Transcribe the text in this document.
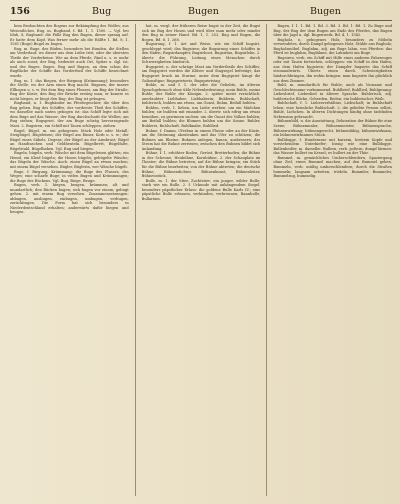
156	Bug	Bugen	Bugen

bem Beobachten des Bogens zur Bekämpfung des Wolfes; aus Wesentliches. Bug, m. Bugband, f. Bd. 1, 1. 1500. — Vgl. bei Iduh, 8, Bugband: die Fälle Bug den Bugen, dieser sprang auf. Er hatte dem Kopf, Was ferner mehr als die Hälfte 1. Bd. 8, 1. 1561 (Buge) Bugel zu bugen.

Bug, m. Buge, des Rüden, besonders bei Hunden, die Stellen am Vorderlauf, wo dieser aus dem Leibe tritt, oder die obersten Theile der Vorderbeine. Wie an dem Pferde, Rind u. s. w. mehr als auch sonst; der Bug, bedeutet auch Ort, Spitze u. dgl. ist, und des Buges. Buges, Bug und Bugen, an dem schon die Bugfläche der Schiffe das Vordertheil der Schiffe bezeichnet wurde.

Bug, m. 1. das Biegen, der Biegung (Krümmung); besonders die Stelle, wo der Arm einen Bug macht. Bugarm, der innere Ellbogen u. s. w. Bei dem Bug eines Flusses; am Bug der Straße; Bug der Küste; den Bug der Brücke erstieg man; er konnte es nicht biegen, er biegt den Bug; der Bug ist gebogen.

Bugband, n. 1. Bugbänder im Pferdegeschirr, die über den Bug gehen. Bug des Schiffes, der vorderste Theil des Schiffes, wo dasselbe nach unten gebogen ist: das Schiff legte sich mit dem Buge auf das Wasser; der Bug durchschnitt die Wellen; am Bug stehen; Bugspriet, der am Buge schräg hervorragende Mast. 2. Bugsiren, ein Schiff mit Tauen schleppen, ziehen.

Bugel, Bügel, m. ein gebogenes Stück Holz oder Metall; Steigbügel, Bügeleisen; der Bügel am Eimer, Korb u. s. w.; der Bügel eines Säbels, Degens; der Bügel an der Armbrust; Bügel an Handtaschen und Geldbeuteln. Bügelbrett, Bügelfalte, Bügelstahl, Bügelhaken. Vgl. Bug und biegen.

Bugeln, bügeln, verb. Wäsche mit dem Bügeleisen glätten; ein Hemd, ein Kleid bügeln; die Hosen bügeln; gebügelte Wäsche; das Bügeln der Wäsche. Auch: einen Bügel an etwas machen, mit einem Bügel versehen. Bügler, Büglerin, wer Wäsche bügelt.

Buge, f. Biegung, Krümmung: die Buge des Flusses, des Weges; eine scharfe Buge; in vielen Bugen und Krümmungen; die Buge des Rückens. Vgl. Bug, Biege, Beuge.

Bugen, verb. 1. biegen, beugen, krümmen; alt und mundartlich; den Rücken bugen; sich bugen vor einem; gebugt gehen. 2. mit einem Bug versehen. Zusammensetzungen: abbugen, ausbugen, einbugen, umbugen, verbugen, zurückbugen. Die Form hat sich besonders in Niederdeutschland erhalten; anderwärts dafür biegen und beugen.

hat, m. vergl. der früheren Reise bugst in der Zeit, die Bugst sich im Bug der Hosen und wird über man mehr oder minder den Bug in seiner Hand. Bd. 1, 1. 252. Bug und Bogen, die Bogen, Bd. 8, 1. 268.

Bugsirung, f. 1. Art und Weise, wie ein Schiff bugsirt, geschleppt wird; das Bugsiren; die Bugsirung eines Schiffes in den Hafen; Bugsirdampfer, Bugsirboot, Bugsirtau, Bugsirlohn. 2. übertr. die Führung, Leitung eines Menschen durch Schwierigkeiten hindurch.

Bugspriet, n. der schräge Mast am Vordertheile des Schiffes; am Bugspriet werden die Klüver und Stagsegel befestigt; das Bugspriet brach im Sturme; unter dem Bugspriet hängt die Galionsfigur; Bugsprietnetz, Bugsprietstag.

Buhle, m. und f. 1. der oder die Geliebte, im älteren Sprachgebrauch ohne üble Nebenbedeutung; mein Buhle, meine Buhle; der Buhle der Königin. 2. später meist verächtlich: unerlaubter Liebhaber, Liebhaberin; Buhlerin, Buhlschaft, buhlerisch, buhlen um etwas, um Gunst, Ruhm, Beifall buhlen.

Buhlen, verb. 1. lieben, um Liebe werben: um ein Mädchen buhlen; sie buhlten mit einander. 2. übertr. sich eifrig um etwas bemühen, zu gewinnen suchen: um die Gunst des Volkes buhlen; um Beifall buhlen; die Blumen buhlen um die Sonne. Buhler, Buhlerei, Buhlschaft, Buhlknabe, Buhllied.

Buhne, f. Damm, Uferbau in einem Flusse oder an der Küste, um die Strömung abzulenken und das Ufer zu schützen; die Buhnen am Rheine; Buhnen anlegen, bauen, ausbessern; der Strom hat die Buhne zerrissen; zwischen den Buhnen bildet sich Anlandung.

Bühne, f. 1. erhöhter Boden, Gerüst, Bretterboden; die Bühne in der Scheune; Heubühne, Kornbühne. 2. der Schauplatz im Theater; die Bühne betreten; auf die Bühne bringen; ein Stück für die Bühne bearbeiten; von der Bühne abtreten; die deutsche Bühne; Bühnendichter, Bühnenkunst, Bühnenleiter, Bühnenstück.

Bulle, m. 1. der Stier, Zuchtstier; ein junger, wilder Bulle; stark wie ein Bulle. 2. f. Urkunde mit anhängendem Siegel, besonders päpstlicher Erlass: die goldene Bulle Karls IV.; eine päpstliche Bulle erlassen, verkünden, verbrennen; Bannbulle, Bullarium.

Bugen, f. 1. 1. Bd. 1. Bd. 3. Bd. 3. Bd. 1. Bd. 1. Zu Buge und Bug, der Bug der dem Bugen am Ende des Pferdes, das Bugen über die Jagd u. dgl. Bugenwerk. Bd. 4, 1. 1542.

Bugholz, n. gebogenes Holz, besonders zu Möbeln verwendetes, durch Dampf gebogenes Holz; Stühle aus Bugholz; Bugholzmöbel. Buglahm, adj. am Buge lahm, von Pferden: das Pferd ist buglahm; Buglähme, die Lahmheit am Buge.

Bugsiren, verb. ein Schiff mit Hilfe eines anderen Fahrzeuges oder mit Tauen fortziehen, schleppen: ein Schiff in den Hafen, aus dem Hafen bugsiren; der Dampfer bugsirte das Schiff stromaufwärts. Übertr. einen durch Schwierigkeiten hindurchbringen, ihn wohin bringen: man bugsirte ihn glücklich aus dem Zimmer.

Buhl, m. mundartlich für Buhle; auch als Vorname und Geschlechtsname vorkommend. Buhlbrief, Buhllied, Buhlgesang: Liebesbrief, Liebeslied in älterer Sprache. Buhlerisch, adj. buhlerische Blicke, Geberden, Reden; ein buhlerisches Weib.

Buhlschaft, f. 1. Liebesverhältnis, Liebschaft; in Buhlschaft leben; eine heimliche Buhlschaft. 2. die geliebte Person selbst, Buhle, Liebchen. In älteren Dichtungen häufig ohne tadelnden Nebensinn gebraucht.

Bühnenbild, n. die Ausstattung, Dekoration der Bühne für eine Szene; Bühnenmaler, Bühnenmeister, Bühnensprache, Bühnenwirkung; bühnengerecht, bühnenfähig, bühnenwirksam; ein bühnenwirksames Stück.

Bulldogge, f. Hunderasse mit kurzem, breitem Kopfe und vorstehendem Unterkiefer; bissig wie eine Bulldogge. Bullenbeißer, m. dasselbe. Bullern, verb. poltern, dumpf lärmen: das Wasser bullert im Kessel; es bullert an der Thür.

Bummel, m. gemächliches Umherschlendern, Spaziergang ohne Ziel; einen Bummel machen; auf den Bummel gehen. Bummeln, verb. müßig umherschlendern; durch die Straßen bummeln; langsam arbeiten, trödeln. Bummler, Bummelei, Bummelzug, bummelig.
